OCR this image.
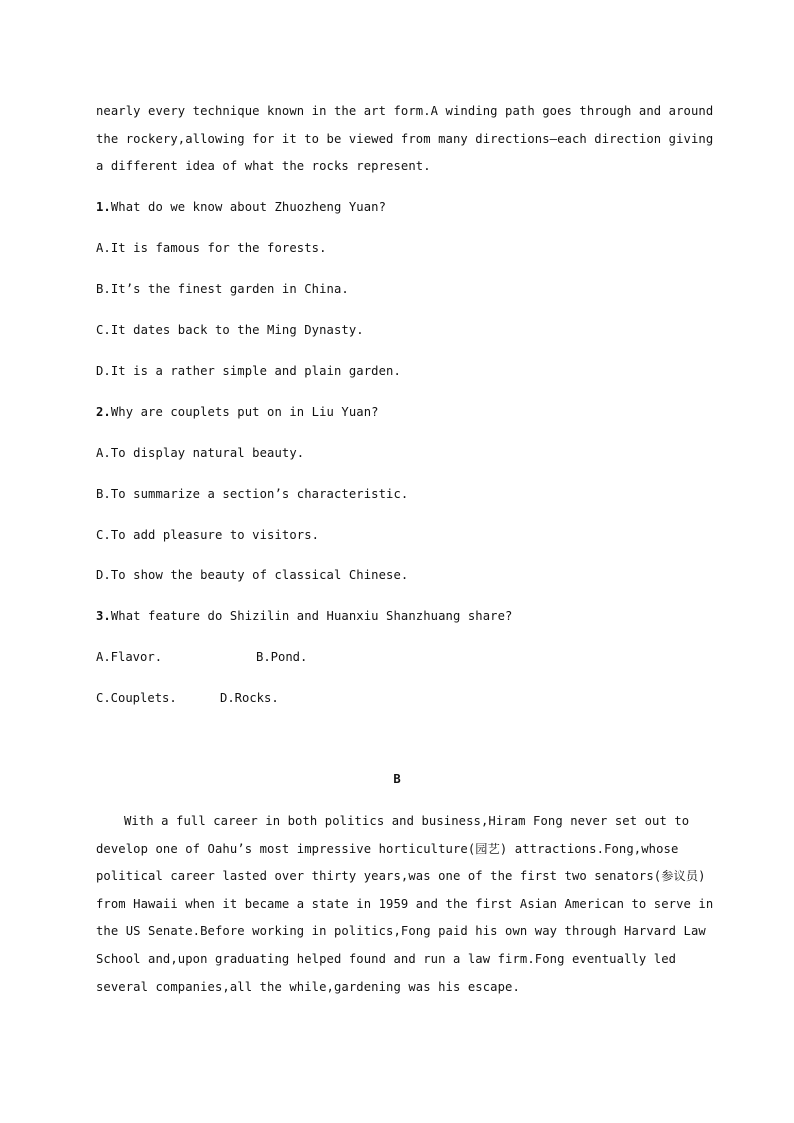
nearly every technique known in the art form.A winding path goes through and around
the rockery,allowing for it to be viewed from many directions—each direction giving
a different idea of what the rocks represent.
1.What do we know about Zhuozheng Yuan?
A.It is famous for the forests.
B.It’s the finest garden in China.
C.It dates back to the Ming Dynasty.
D.It is a rather simple and plain garden.
2.Why are couplets put on in Liu Yuan?
A.To display natural beauty.
B.To summarize a section’s characteristic.
C.To add pleasure to visitors.
D.To show the beauty of classical Chinese.
3.What feature do Shizilin and Huanxiu Shanzhuang share?
A.Flavor.	B.Pond.
C.Couplets.	D.Rocks.
B
With a full career in both politics and business,Hiram Fong never set out to
develop one of Oahu’s most impressive horticulture(园艺) attractions.Fong,whose
political career lasted over thirty years,was one of the first two senators(参议员)
from Hawaii when it became a state in 1959 and the first Asian American to serve in
the US Senate.Before working in politics,Fong paid his own way through Harvard Law
School and,upon graduating helped found and run a law firm.Fong eventually led
several companies,all the while,gardening was his escape.
